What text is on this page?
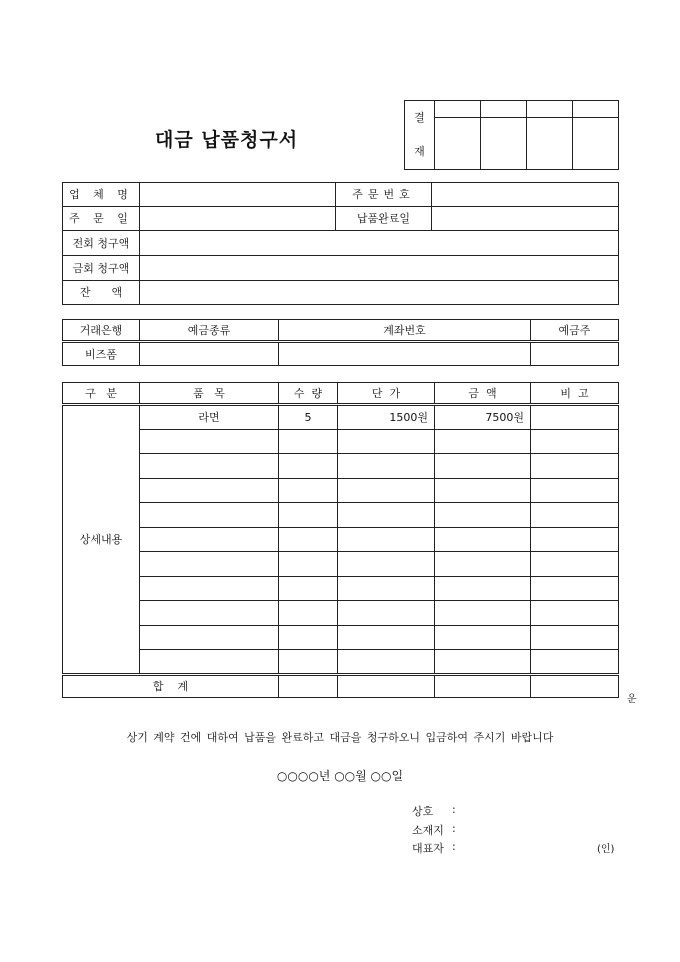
대금 납품청구서
결
재				

업 체 명		주문번호	
주 문 일		납품완료일	
전회 청구액			
금회 청구액			
잔      액			
거래은행	예금종류	계좌번호	예금주
비즈폼			
구   분	품   목	수  량	단  가	금  액	비  고
상세내용	라면	5	1500원	7500원	

합    계					
운
상기 계약 건에 대하여 납품을 완료하고 대금을 청구하오니 입금하여 주시기 바랍니다
○○○○년 ○○월 ○○일
상호 :
소재지 :
대표자 :	(인)
